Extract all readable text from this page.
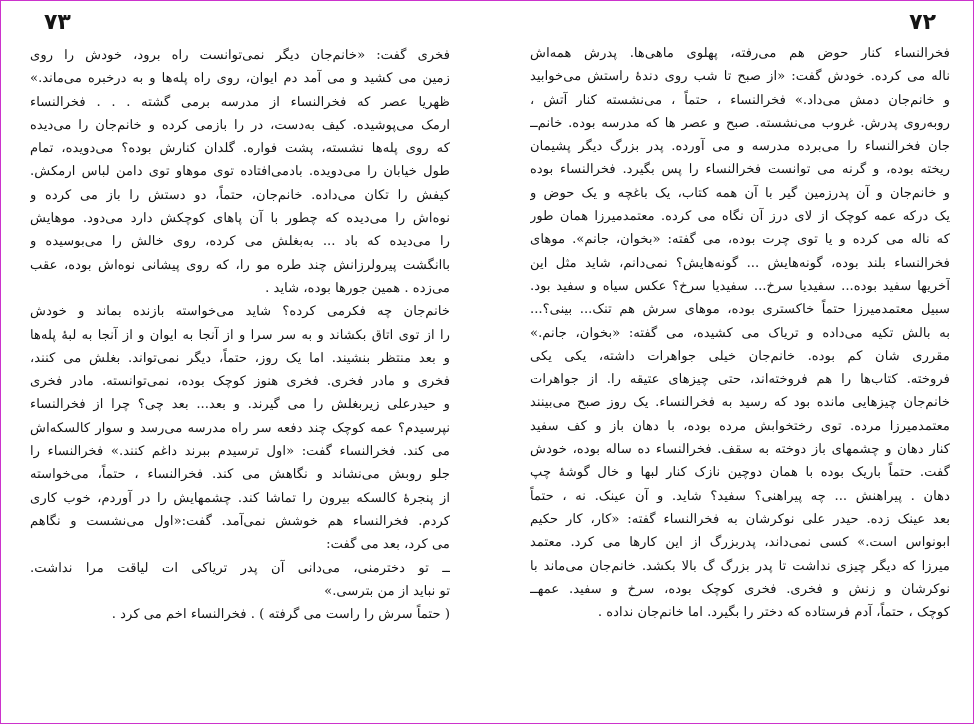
۷۳
فخری گفت: «خانم‌جان دیگر نمی‌توانست راه برود، خودش را روی
زمین می کشید و می آمد دم ایوان، روی راه پله‌ها و به درخبره‌ می‌ماند.»
ظهریا عصر که فخرالنساء از مدرسه برمی گشته . . . فخرالنساء
ارمک می‌پوشیده. کیف به‌دست، در را بازمی کرده و خانم‌جان را می‌دیده
که روی پله‌ها نشسته، پشت فواره. گلدان کنارش بوده؟ می‌دویده، تمام
طول خیابان را می‌دویده. بادمی‌افتاده توی موهاو توی دامن لباس ارمکش.
کیفش را تکان می‌داده. خانم‌جان، حتماً، دو دستش را باز می کرده و
نوه‌اش را می‌دیده که چطور با آن پاهای کوچکش دارد می‌دود. موهایش
را می‌دیده که باد ... به‌بغلش می کرده، روی خالش را می‌بوسیده و
باانگشت پیرولرزانش چند طره مو را، که روی پیشانی نوه‌اش بوده، عقب
می‌زده . همین جورها بوده، شاید .
خانم‌جان چه فکرمی کرده؟ شاید می‌خواسته بازنده بماند و خودش
را از توی اتاق بکشاند و به سر سرا و از آنجا به ایوان و از آنجا به لبهٔ پله‌ها
و بعد منتظر بنشیند. اما یک روز، حتماً، دیگر نمی‌تواند. بغلش می کنند،
فخری و مادر فخری. فخری هنوز کوچک بوده، نمی‌توانسته. مادر فخری
و حیدرعلی زیربغلش را می گیرند. و بعد... بعد چی؟ چرا از فخرالنساء
نپرسیدم؟ عمه کوچک چند دفعه سر راه مدرسه می‌رسد و سوار کالسکه‌اش
می کند. فخرالنساء گفت: «اول ترسیدم ببرند داغم کنند.» فخرالنساء را
جلو روبش می‌نشاند و نگاهش می کند. فخرالنساء ، حتماً، می‌خواسته
از پنجرهٔ کالسکه بیرون را تماشا کند. چشمهایش را در آوردم، خوب کاری
کردم. فخرالنساء هم خوشش نمی‌آمد. گفت:«اول می‌نشست و نگاهم
می کرد، بعد می گفت:
ــ تو دخترمنی، می‌دانی آن پدر تریاکی ات لیاقت مرا نداشت.
تو نباید از من بترسی.»
( حتماً سرش را راست می گرفته ) . فخرالنساء اخم می کرد .
۷۲
فخرالنساء کنار حوض هم می‌رفته، پهلوی ماهی‌ها. پدرش همه‌اش
ناله می کرده. خودش گفت: «از صبح تا شب روی دندهٔ راستش می‌خوابید
و خانم‌جان دمش می‌داد.» فخرالنساء ، حتماً ، می‌نشسته کنار آتش ،
روبه‌روی پدرش. غروب می‌نشسته. صبح و عصر ها که مدرسه بوده. خانم‌ــ
جان فخرالنساء را می‌برده مدرسه و می آورده. پدر بزرگ دیگر پشیمان
ریخته بوده، و گرنه می توانست فخرالنساء را پس بگیرد. فخرالنساء بوده
و خانم‌جان و آن پدرزمین گیر با آن همه کتاب، یک باغچه و یک حوض و
یک درکه عمه کوچک از لای درز آن نگاه می کرده. معتمدمیرزا همان طور
که ناله می کرده و یا توی چرت بوده، می گفته: «بخوان، جانم». موهای
فخرالنساء بلند بوده، گونه‌هایش ... گونه‌هایش؟ نمی‌دانم، شاید مثل این
آخریها سفید بوده... سفیدیا سرخ... سفیدیا سرخ؟ عکس سیاه و سفید بود.
سبیل معتمدمیرزا حتماً خاکستری بوده، موهای سرش هم تنک... بینی؟...
به بالش تکیه می‌داده و تریاک می کشیده، می گفته: «بخوان، جانم.»
مقرری شان کم بوده. خانم‌جان خیلی جواهرات داشته، یکی یکی
فروخته. کتاب‌ها را هم فروخته‌اند، حتی چیزهای عتیقه را. از جواهرات
خانم‌جان چیزهایی مانده بود که رسید به فخرالنساء. یک روز صبح می‌بینند
معتمدمیرزا مرده. توی رختخوابش مرده بوده، با دهان باز و کف سفید
کنار دهان و چشمهای باز دوخته به سقف. فخرالنساء ده ساله بوده، خودش
گفت. حتماً باریک بوده با همان دوچین نازک کنار لبها و خال گوشهٔ چپ
دهان . پیراهنش ... چه پیراهنی؟ سفید؟ شاید. و آن عینک. نه ، حتماً
بعد عینک زده. حیدر علی نوکرشان به فخرالنساء گفته: «کار، کار حکیم
ابونواس است.» کسی نمی‌داند، پدربزرگ از این کارها می کرد. معتمد
میرزا که دیگر چیزی نداشت تا پدر بزرگ گ بالا بکشد. خانم‌جان می‌ماند با
نوکرشان و زنش و فخری. فخری کوچک بوده، سرخ و سفید. عمهــ
کوچک ، حتماً، آدم فرستاده که دختر را بگیرد. اما خانم‌جان نداده .
